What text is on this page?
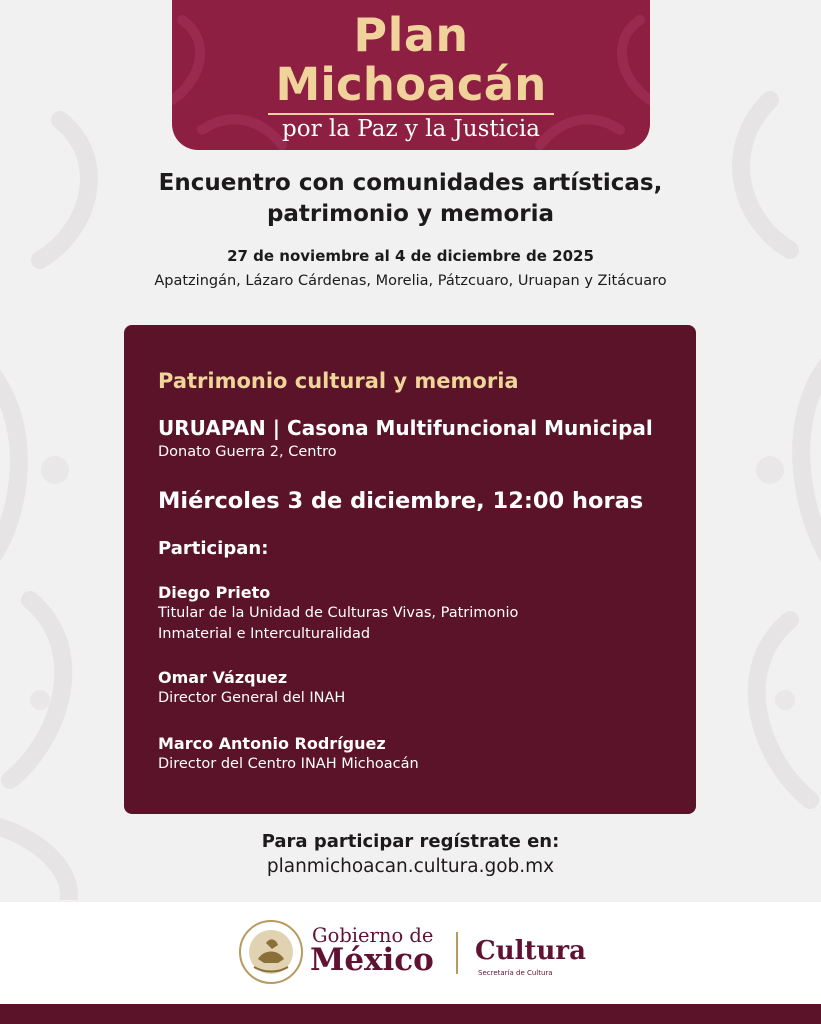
Plan
Michoacán
por la Paz y la Justicia
Encuentro con comunidades artísticas,
patrimonio y memoria
27 de noviembre al 4 de diciembre de 2025
Apatzingán, Lázaro Cárdenas, Morelia, Pátzcuaro, Uruapan y Zitácuaro
Patrimonio cultural y memoria
URUAPAN | Casona Multifuncional Municipal
Donato Guerra 2, Centro
Miércoles 3 de diciembre, 12:00 horas
Participan:
Diego Prieto
Titular de la Unidad de Culturas Vivas, Patrimonio
Inmaterial e Interculturalidad
Omar Vázquez
Director General del INAH
Marco Antonio Rodríguez
Director del Centro INAH Michoacán
Para participar regístrate en:
planmichoacan.cultura.gob.mx
Gobierno de
México Cultura
Secretaría de Cultura
